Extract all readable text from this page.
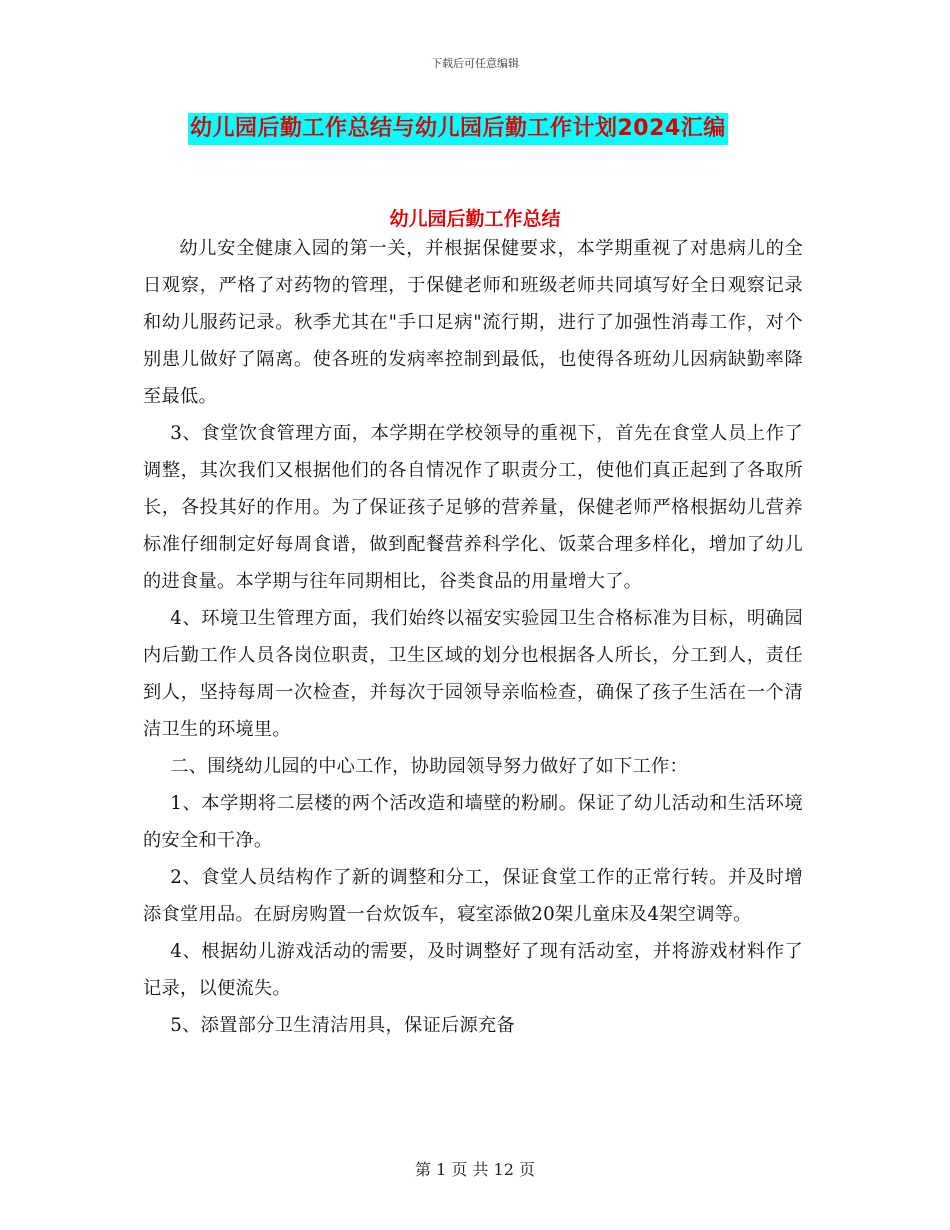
下载后可任意编辑
幼儿园后勤工作总结与幼儿园后勤工作计划2024汇编
幼儿园后勤工作总结

幼儿安全健康入园的第一关，并根据保健要求，本学期重视了对患病儿的全日观察，严格了对药物的管理，于保健老师和班级老师共同填写好全日观察记录和幼儿服药记录。秋季尤其在"手口足病"流行期，进行了加强性消毒工作，对个别患儿做好了隔离。使各班的发病率控制到最低，也使得各班幼儿因病缺勤率降至最低。

3、食堂饮食管理方面，本学期在学校领导的重视下，首先在食堂人员上作了调整，其次我们又根据他们的各自情况作了职责分工，使他们真正起到了各取所长，各投其好的作用。为了保证孩子足够的营养量，保健老师严格根据幼儿营养标准仔细制定好每周食谱，做到配餐营养科学化、饭菜合理多样化，增加了幼儿的进食量。本学期与往年同期相比，谷类食品的用量增大了。

4、环境卫生管理方面，我们始终以福安实验园卫生合格标准为目标，明确园内后勤工作人员各岗位职责，卫生区域的划分也根据各人所长，分工到人，责任到人，坚持每周一次检查，并每次于园领导亲临检查，确保了孩子生活在一个清洁卫生的环境里。

二、围绕幼儿园的中心工作，协助园领导努力做好了如下工作：

1、本学期将二层楼的两个活改造和墙壁的粉刷。保证了幼儿活动和生活环境的安全和干净。

2、食堂人员结构作了新的调整和分工，保证食堂工作的正常行转。并及时增添食堂用品。在厨房购置一台炊饭车，寝室添做20架儿童床及4架空调等。

4、根据幼儿游戏活动的需要，及时调整好了现有活动室，并将游戏材料作了记录，以便流失。

5、添置部分卫生清洁用具，保证后源充备

第 1 页 共 12 页
